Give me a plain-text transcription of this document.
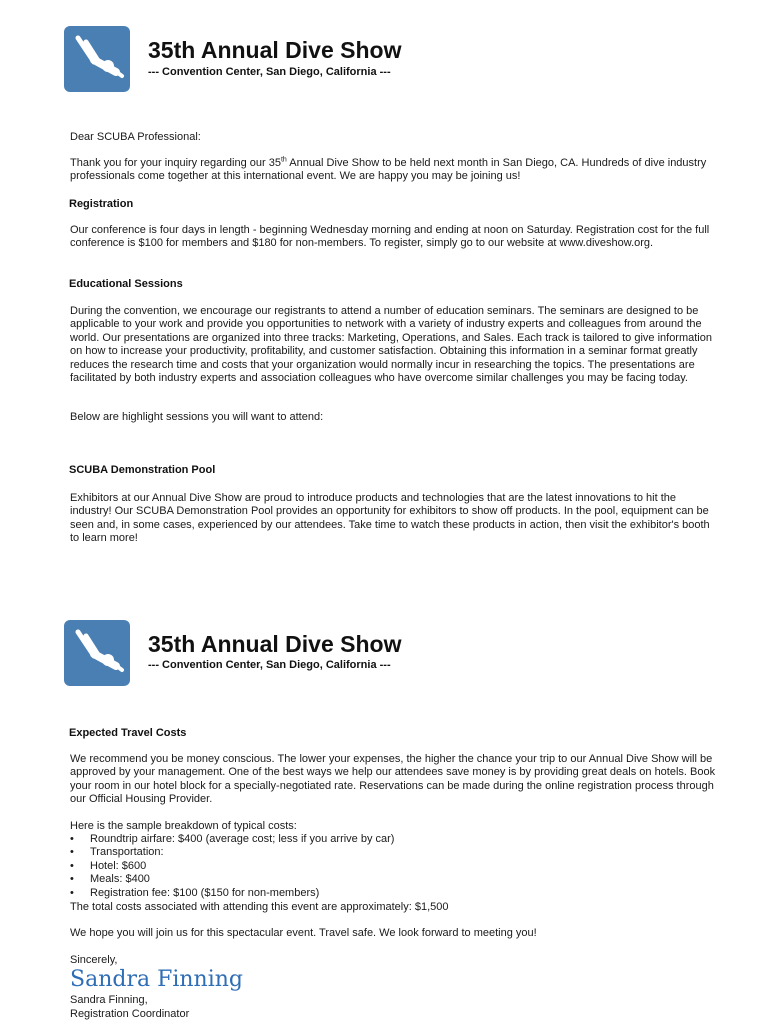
35th Annual Dive Show
--- Convention Center, San Diego, California ---
Dear SCUBA Professional:
Thank you for your inquiry regarding our 35th Annual Dive Show to be held next month in San Diego, CA. Hundreds of dive industry professionals come together at this international event. We are happy you may be joining us!
Registration
Our conference is four days in length - beginning Wednesday morning and ending at noon on Saturday. Registration cost for the full conference is $100 for members and $180 for non-members. To register, simply go to our website at www.diveshow.org.
Educational Sessions
During the convention, we encourage our registrants to attend a number of education seminars. The seminars are designed to be applicable to your work and provide you opportunities to network with a variety of industry experts and colleagues from around the world. Our presentations are organized into three tracks: Marketing, Operations, and Sales. Each track is tailored to give information on how to increase your productivity, profitability, and customer satisfaction. Obtaining this information in a seminar format greatly reduces the research time and costs that your organization would normally incur in researching the topics. The presentations are facilitated by both industry experts and association colleagues who have overcome similar challenges you may be facing today.
Below are highlight sessions you will want to attend:
SCUBA Demonstration Pool
Exhibitors at our Annual Dive Show are proud to introduce products and technologies that are the latest innovations to hit the industry! Our SCUBA Demonstration Pool provides an opportunity for exhibitors to show off products. In the pool, equipment can be seen and, in some cases, experienced by our attendees. Take time to watch these products in action, then visit the exhibitor's booth to learn more!
35th Annual Dive Show
--- Convention Center, San Diego, California ---
Expected Travel Costs
We recommend you be money conscious. The lower your expenses, the higher the chance your trip to our Annual Dive Show will be approved by your management. One of the best ways we help our attendees save money is by providing great deals on hotels. Book your room in our hotel block for a specially-negotiated rate. Reservations can be made during the online registration process through our Official Housing Provider.
Here is the sample breakdown of typical costs:
• Roundtrip airfare: $400 (average cost; less if you arrive by car)
• Transportation:
• Hotel: $600
• Meals: $400
• Registration fee: $100 ($150 for non-members)
The total costs associated with attending this event are approximately: $1,500
We hope you will join us for this spectacular event. Travel safe. We look forward to meeting you!
Sincerely,
Sandra Finning
Sandra Finning,
Registration Coordinator
